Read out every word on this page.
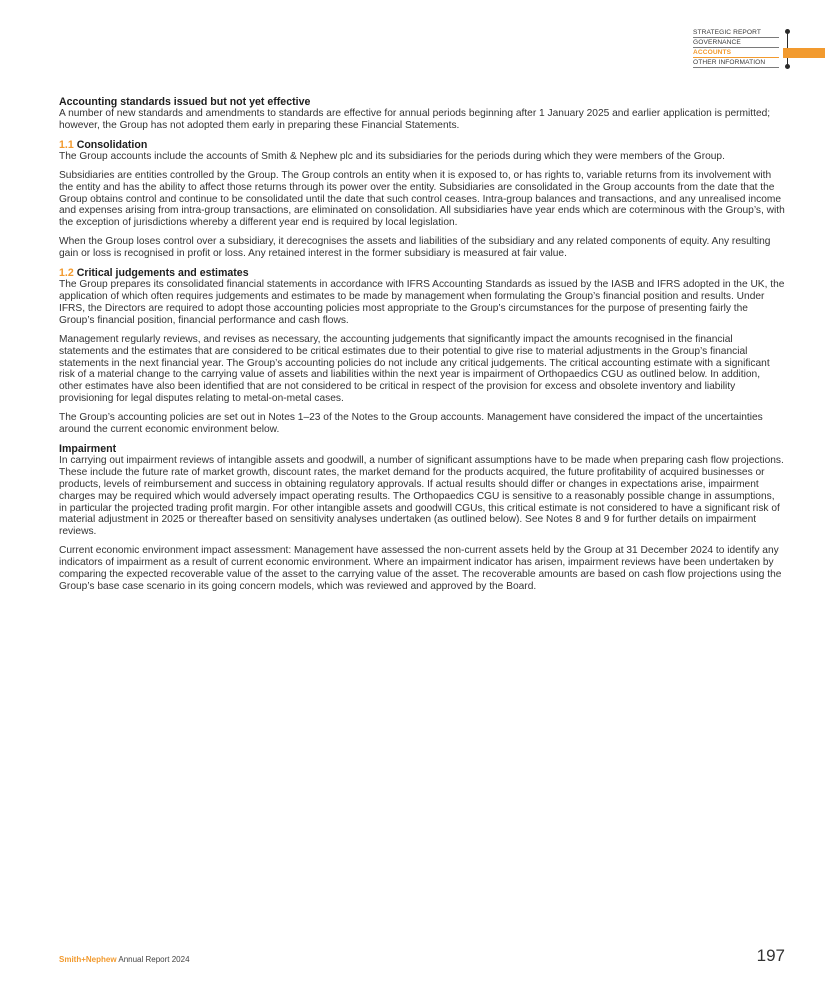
STRATEGIC REPORT
GOVERNANCE
ACCOUNTS
OTHER INFORMATION

Accounting standards issued but not yet effective

A number of new standards and amendments to standards are effective for annual periods beginning after 1 January 2025 and earlier application is permitted; however, the Group has not adopted them early in preparing these Financial Statements.

1.1 Consolidation

The Group accounts include the accounts of Smith & Nephew plc and its subsidiaries for the periods during which they were members of the Group.

Subsidiaries are entities controlled by the Group. The Group controls an entity when it is exposed to, or has rights to, variable returns from its involvement with the entity and has the ability to affect those returns through its power over the entity. Subsidiaries are consolidated in the Group accounts from the date that the Group obtains control and continue to be consolidated until the date that such control ceases. Intra-group balances and transactions, and any unrealised income and expenses arising from intra-group transactions, are eliminated on consolidation. All subsidiaries have year ends which are coterminous with the Group’s, with the exception of jurisdictions whereby a different year end is required by local legislation.

When the Group loses control over a subsidiary, it derecognises the assets and liabilities of the subsidiary and any related components of equity. Any resulting gain or loss is recognised in profit or loss. Any retained interest in the former subsidiary is measured at fair value.

1.2 Critical judgements and estimates

The Group prepares its consolidated financial statements in accordance with IFRS Accounting Standards as issued by the IASB and IFRS adopted in the UK, the application of which often requires judgements and estimates to be made by management when formulating the Group’s financial position and results. Under IFRS, the Directors are required to adopt those accounting policies most appropriate to the Group’s circumstances for the purpose of presenting fairly the Group’s financial position, financial performance and cash flows.

Management regularly reviews, and revises as necessary, the accounting judgements that significantly impact the amounts recognised in the financial statements and the estimates that are considered to be critical estimates due to their potential to give rise to material adjustments in the Group’s financial statements in the next financial year. The Group’s accounting policies do not include any critical judgements. The critical accounting estimate with a significant risk of a material change to the carrying value of assets and liabilities within the next year is impairment of Orthopaedics CGU as outlined below. In addition, other estimates have also been identified that are not considered to be critical in respect of the provision for excess and obsolete inventory and liability provisioning for legal disputes relating to metal-on-metal cases.

The Group’s accounting policies are set out in Notes 1–23 of the Notes to the Group accounts. Management have considered the impact of the uncertainties around the current economic environment below.

Impairment

In carrying out impairment reviews of intangible assets and goodwill, a number of significant assumptions have to be made when preparing cash flow projections. These include the future rate of market growth, discount rates, the market demand for the products acquired, the future profitability of acquired businesses or products, levels of reimbursement and success in obtaining regulatory approvals. If actual results should differ or changes in expectations arise, impairment charges may be required which would adversely impact operating results. The Orthopaedics CGU is sensitive to a reasonably possible change in assumptions, in particular the projected trading profit margin. For other intangible assets and goodwill CGUs, this critical estimate is not considered to have a significant risk of material adjustment in 2025 or thereafter based on sensitivity analyses undertaken (as outlined below). See Notes 8 and 9 for further details on impairment reviews.

Current economic environment impact assessment: Management have assessed the non-current assets held by the Group at 31 December 2024 to identify any indicators of impairment as a result of current economic environment. Where an impairment indicator has arisen, impairment reviews have been undertaken by comparing the expected recoverable value of the asset to the carrying value of the asset. The recoverable amounts are based on cash flow projections using the Group’s base case scenario in its going concern models, which was reviewed and approved by the Board.

Smith+Nephew Annual Report 2024	197
